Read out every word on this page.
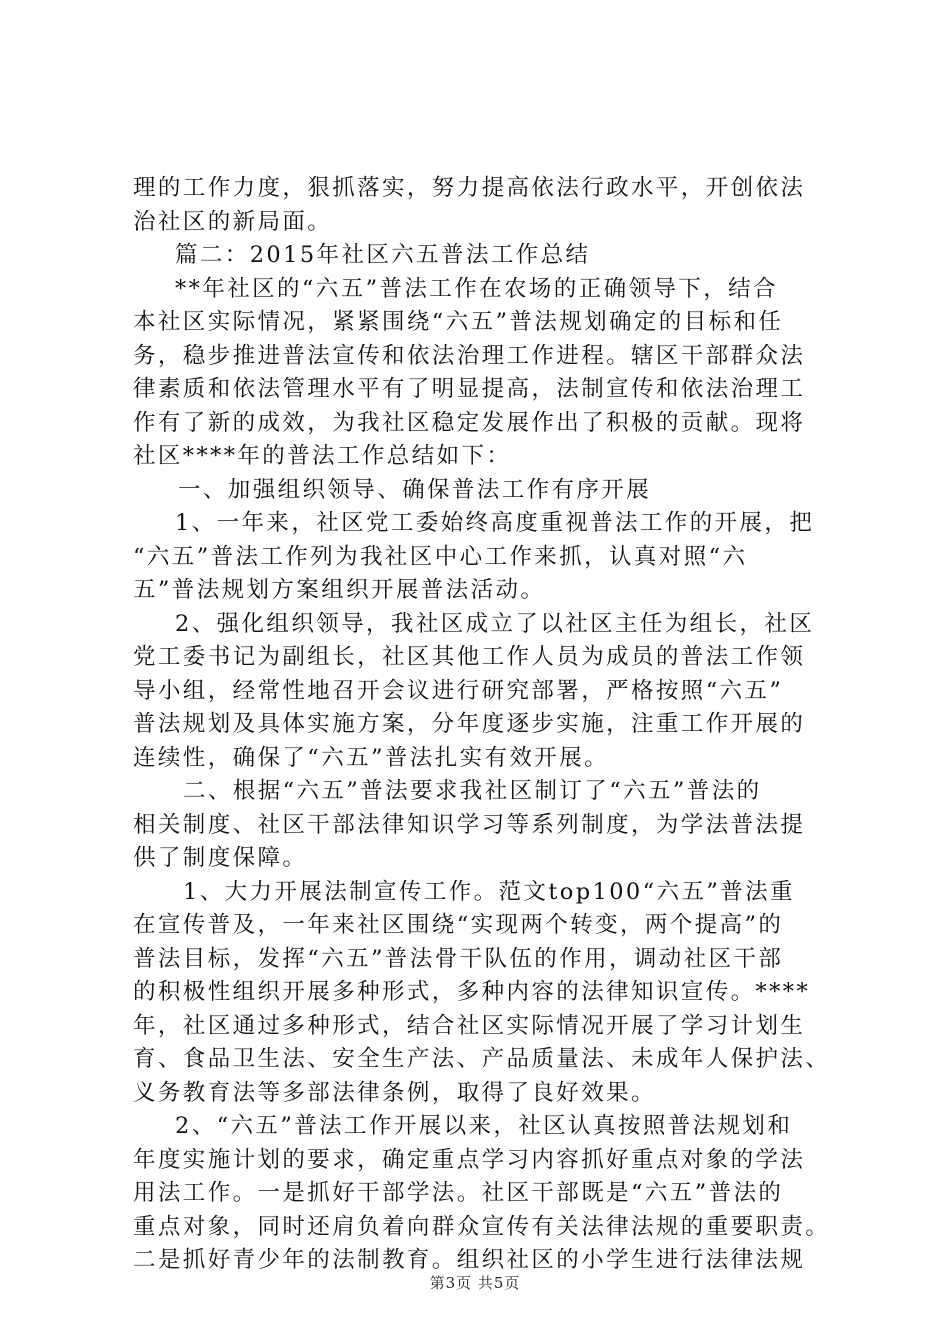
理的工作力度，狠抓落实，努力提高依法行政水平，开创依法
治社区的新局面。
篇二：2015年社区六五普法工作总结
**年社区的“六五”普法工作在农场的正确领导下，结合
本社区实际情况，紧紧围绕“六五”普法规划确定的目标和任
务，稳步推进普法宣传和依法治理工作进程。辖区干部群众法
律素质和依法管理水平有了明显提高，法制宣传和依法治理工
作有了新的成效，为我社区稳定发展作出了积极的贡献。现将
社区****年的普法工作总结如下：
一、加强组织领导、确保普法工作有序开展
1、一年来，社区党工委始终高度重视普法工作的开展，把
“六五”普法工作列为我社区中心工作来抓，认真对照“六
五”普法规划方案组织开展普法活动。
2、强化组织领导，我社区成立了以社区主任为组长，社区
党工委书记为副组长，社区其他工作人员为成员的普法工作领
导小组，经常性地召开会议进行研究部署，严格按照“六五”
普法规划及具体实施方案，分年度逐步实施，注重工作开展的
连续性，确保了“六五”普法扎实有效开展。
二、根据“六五”普法要求我社区制订了“六五”普法的
相关制度、社区干部法律知识学习等系列制度，为学法普法提
供了制度保障。
1、大力开展法制宣传工作。范文top100“六五”普法重
在宣传普及，一年来社区围绕“实现两个转变，两个提高”的
普法目标，发挥“六五”普法骨干队伍的作用，调动社区干部
的积极性组织开展多种形式，多种内容的法律知识宣传。****
年，社区通过多种形式，结合社区实际情况开展了学习计划生
育、食品卫生法、安全生产法、产品质量法、未成年人保护法、
义务教育法等多部法律条例，取得了良好效果。
2、“六五”普法工作开展以来，社区认真按照普法规划和
年度实施计划的要求，确定重点学习内容抓好重点对象的学法
用法工作。一是抓好干部学法。社区干部既是“六五”普法的
重点对象，同时还肩负着向群众宣传有关法律法规的重要职责。
二是抓好青少年的法制教育。组织社区的小学生进行法律法规
第3页 共5页
